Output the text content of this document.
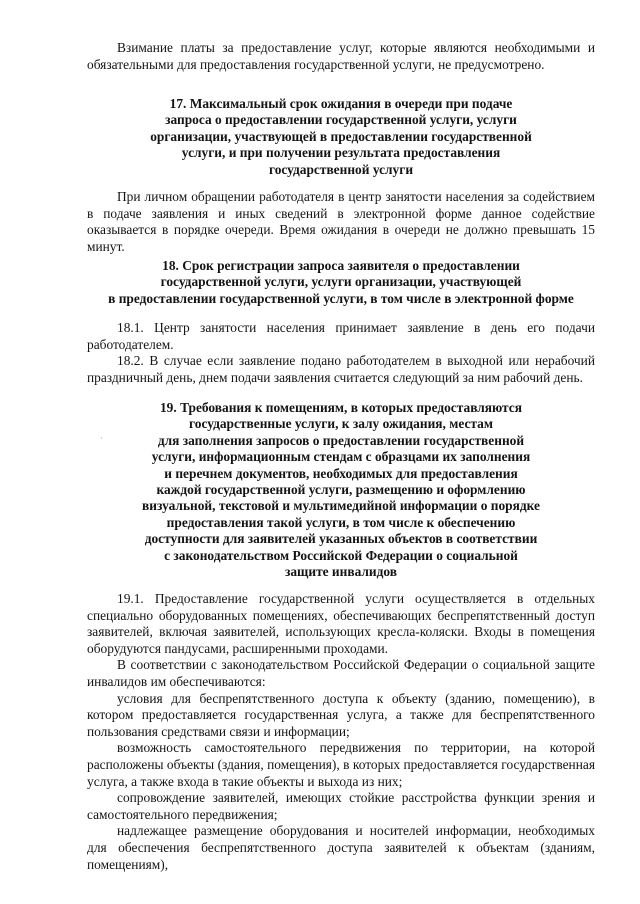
Взимание платы за предоставление услуг, которые являются необходимыми и обязательными для предоставления государственной услуги, не предусмотрено.

17. Максимальный срок ожидания в очереди при подаче
запроса о предоставлении государственной услуги, услуги
организации, участвующей в предоставлении государственной
услуги, и при получении результата предоставления
государственной услуги

При личном обращении работодателя в центр занятости населения за содействием в подаче заявления и иных сведений в электронной форме данное содействие оказывается в порядке очереди. Время ожидания в очереди не должно превышать 15 минут.

18. Срок регистрации запроса заявителя о предоставлении
государственной услуги, услуги организации, участвующей
в предоставлении государственной услуги, в том числе в электронной форме

18.1. Центр занятости населения принимает заявление в день его подачи работодателем.

18.2. В случае если заявление подано работодателем в выходной или нерабочий праздничный день, днем подачи заявления считается следующий за ним рабочий день.

19. Требования к помещениям, в которых предоставляются
государственные услуги, к залу ожидания, местам
для заполнения запросов о предоставлении государственной
услуги, информационным стендам с образцами их заполнения
и перечнем документов, необходимых для предоставления
каждой государственной услуги, размещению и оформлению
визуальной, текстовой и мультимедийной информации о порядке
предоставления такой услуги, в том числе к обеспечению
доступности для заявителей указанных объектов в соответствии
с законодательством Российской Федерации о социальной
защите инвалидов

19.1. Предоставление государственной услуги осуществляется в отдельных специально оборудованных помещениях, обеспечивающих беспрепятственный доступ заявителей, включая заявителей, использующих кресла-коляски. Входы в помещения оборудуются пандусами, расширенными проходами.

В соответствии с законодательством Российской Федерации о социальной защите инвалидов им обеспечиваются:

условия для беспрепятственного доступа к объекту (зданию, помещению), в котором предоставляется государственная услуга, а также для беспрепятственного пользования средствами связи и информации;

возможность самостоятельного передвижения по территории, на которой расположены объекты (здания, помещения), в которых предоставляется государственная услуга, а также входа в такие объекты и выхода из них;

сопровождение заявителей, имеющих стойкие расстройства функции зрения и самостоятельного передвижения;

надлежащее размещение оборудования и носителей информации, необходимых для обеспечения беспрепятственного доступа заявителей к объектам (зданиям, помещениям),

·
